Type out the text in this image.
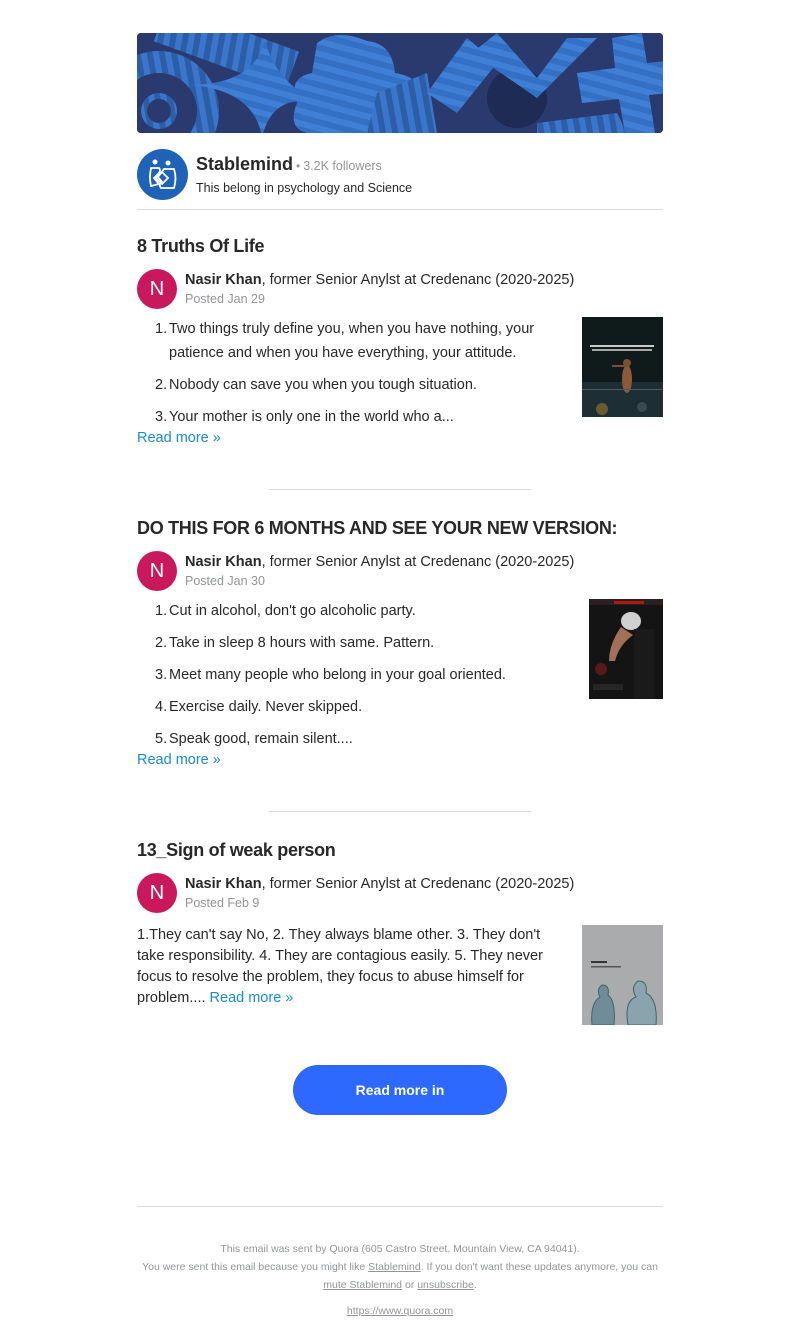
Stablemind • 3.2K followers
This belong in psychology and Science
8 Truths Of Life
N	Nasir Khan, former Senior Anylst at Credenanc (2020-2025)
Posted Jan 29
1. Two things truly define you, when you have nothing, your patience and when you have everything, your attitude.
2. Nobody can save you when you tough situation.
3. Your mother is only one in the world who a...
Read more »
DO THIS FOR 6 MONTHS AND SEE YOUR NEW VERSION:
N	Nasir Khan, former Senior Anylst at Credenanc (2020-2025)
Posted Jan 30
1. Cut in alcohol, don't go alcoholic party.
2. Take in sleep 8 hours with same. Pattern.
3. Meet many people who belong in your goal oriented.
4. Exercise daily. Never skipped.
5. Speak good, remain silent....
Read more »
13_Sign of weak person
N	Nasir Khan, former Senior Anylst at Credenanc (2020-2025)
Posted Feb 9
1.They can't say No, 2. They always blame other. 3. They don't take responsibility. 4. They are contagious easily. 5. They never focus to resolve the problem, they focus to abuse himself for problem.... Read more »
Read more in Stablemind
This email was sent by Quora (605 Castro Street, Mountain View, CA 94041).
You were sent this email because you might like Stablemind. If you don't want these updates anymore, you can
mute Stablemind or unsubscribe.
https://www.quora.com
